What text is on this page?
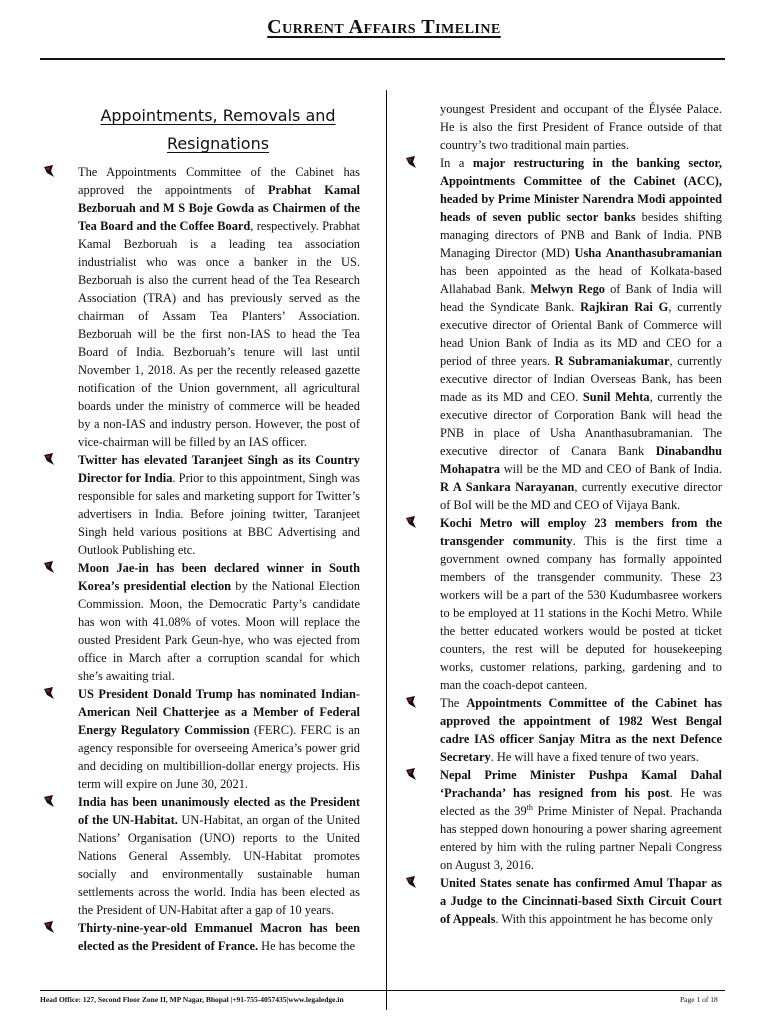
Current Affairs Timeline
Appointments, Removals and Resignations

The Appointments Committee of the Cabinet has approved the appointments of Prabhat Kamal Bezboruah and M S Boje Gowda as Chairmen of the Tea Board and the Coffee Board, respectively. Prabhat Kamal Bezboruah is a leading tea association industrialist who was once a banker in the US. Bezboruah is also the current head of the Tea Research Association (TRA) and has previously served as the chairman of Assam Tea Planters’ Association. Bezboruah will be the first non-IAS to head the Tea Board of India. Bezboruah’s tenure will last until November 1, 2018. As per the recently released gazette notification of the Union government, all agricultural boards under the ministry of commerce will be headed by a non-IAS and industry person. However, the post of vice-chairman will be filled by an IAS officer.

Twitter has elevated Taranjeet Singh as its Country Director for India. Prior to this appointment, Singh was responsible for sales and marketing support for Twitter’s advertisers in India. Before joining twitter, Taranjeet Singh held various positions at BBC Advertising and Outlook Publishing etc.

Moon Jae-in has been declared winner in South Korea’s presidential election by the National Election Commission. Moon, the Democratic Party’s candidate has won with 41.08% of votes. Moon will replace the ousted President Park Geun-hye, who was ejected from office in March after a corruption scandal for which she’s awaiting trial.

US President Donald Trump has nominated Indian-American Neil Chatterjee as a Member of Federal Energy Regulatory Commission (FERC). FERC is an agency responsible for overseeing America’s power grid and deciding on multibillion-dollar energy projects. His term will expire on June 30, 2021.

India has been unanimously elected as the President of the UN-Habitat. UN-Habitat, an organ of the United Nations’ Organisation (UNO) reports to the United Nations General Assembly. UN-Habitat promotes socially and environmentally sustainable human settlements across the world. India has been elected as the President of UN-Habitat after a gap of 10 years.

Thirty-nine-year-old Emmanuel Macron has been elected as the President of France. He has become the

youngest President and occupant of the Élysée Palace. He is also the first President of France outside of that country’s two traditional main parties.

In a major restructuring in the banking sector, Appointments Committee of the Cabinet (ACC), headed by Prime Minister Narendra Modi appointed heads of seven public sector banks besides shifting managing directors of PNB and Bank of India. PNB Managing Director (MD) Usha Ananthasubramanian has been appointed as the head of Kolkata-based Allahabad Bank. Melwyn Rego of Bank of India will head the Syndicate Bank. Rajkiran Rai G, currently executive director of Oriental Bank of Commerce will head Union Bank of India as its MD and CEO for a period of three years. R Subramaniakumar, currently executive director of Indian Overseas Bank, has been made as its MD and CEO. Sunil Mehta, currently the executive director of Corporation Bank will head the PNB in place of Usha Ananthasubramanian. The executive director of Canara Bank Dinabandhu Mohapatra will be the MD and CEO of Bank of India. R A Sankara Narayanan, currently executive director of BoI will be the MD and CEO of Vijaya Bank.

Kochi Metro will employ 23 members from the transgender community. This is the first time a government owned company has formally appointed members of the transgender community. These 23 workers will be a part of the 530 Kudumbasree workers to be employed at 11 stations in the Kochi Metro. While the better educated workers would be posted at ticket counters, the rest will be deputed for housekeeping works, customer relations, parking, gardening and to man the coach-depot canteen.

The Appointments Committee of the Cabinet has approved the appointment of 1982 West Bengal cadre IAS officer Sanjay Mitra as the next Defence Secretary. He will have a fixed tenure of two years.

Nepal Prime Minister Pushpa Kamal Dahal ‘Prachanda’ has resigned from his post. He was elected as the 39th Prime Minister of Nepal. Prachanda has stepped down honouring a power sharing agreement entered by him with the ruling partner Nepali Congress on August 3, 2016.

United States senate has confirmed Amul Thapar as a Judge to the Cincinnati-based Sixth Circuit Court of Appeals. With this appointment he has become only

Head Office: 127, Second Floor Zone II, MP Nagar, Bhopal |+91-755-4057435|www.legaledge.in	Page 1 of 18
